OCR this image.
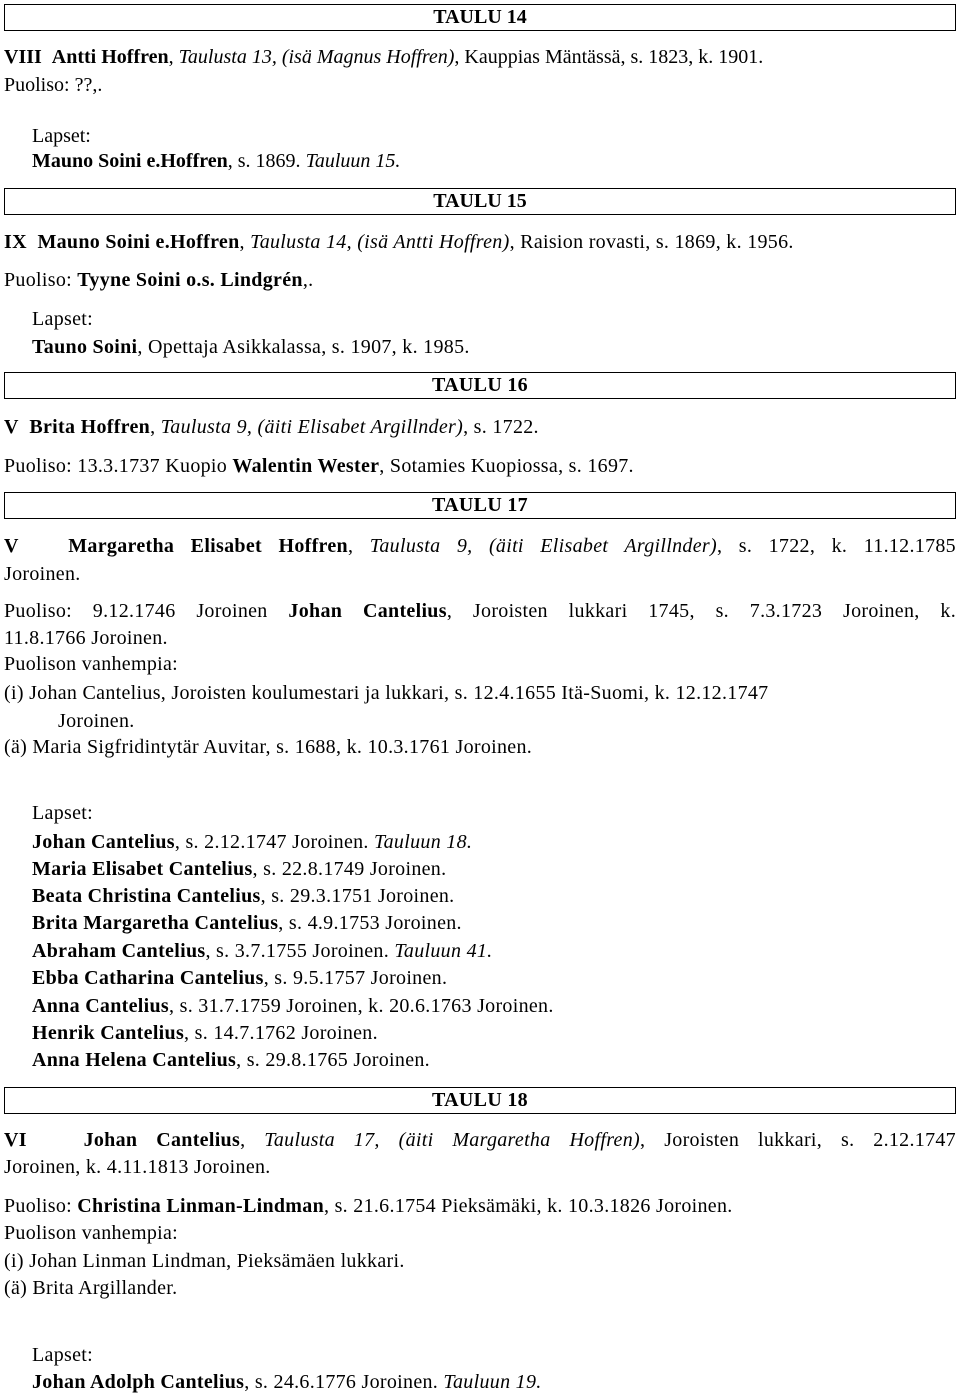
TAULU 14
VIII Antti Hoffren, Taulusta 13, (isä Magnus Hoffren), Kauppias Mäntässä, s. 1823, k. 1901.
Puoliso: ??,.
Lapset:
Mauno Soini e.Hoffren, s. 1869. Tauluun 15.
TAULU 15
IX Mauno Soini e.Hoffren, Taulusta 14, (isä Antti Hoffren), Raision rovasti, s. 1869, k. 1956.
Puoliso: Tyyne Soini o.s. Lindgrén,.
Lapset:
Tauno Soini, Opettaja Asikkalassa, s. 1907, k. 1985.
TAULU 16
V Brita Hoffren, Taulusta 9, (äiti Elisabet Argillnder), s. 1722.
Puoliso: 13.3.1737 Kuopio Walentin Wester, Sotamies Kuopiossa, s. 1697.
TAULU 17
V Margaretha Elisabet Hoffren, Taulusta 9, (äiti Elisabet Argillnder), s. 1722, k. 11.12.1785
Joroinen.
Puoliso: 9.12.1746 Joroinen Johan Cantelius, Joroisten lukkari 1745, s. 7.3.1723 Joroinen, k.
11.8.1766 Joroinen.
Puolison vanhempia:
(i) Johan Cantelius, Joroisten koulumestari ja lukkari, s. 12.4.1655 Itä-Suomi, k. 12.12.1747
Joroinen.
(ä) Maria Sigfridintytär Auvitar, s. 1688, k. 10.3.1761 Joroinen.
Lapset:
Johan Cantelius, s. 2.12.1747 Joroinen. Tauluun 18.
Maria Elisabet Cantelius, s. 22.8.1749 Joroinen.
Beata Christina Cantelius, s. 29.3.1751 Joroinen.
Brita Margaretha Cantelius, s. 4.9.1753 Joroinen.
Abraham Cantelius, s. 3.7.1755 Joroinen. Tauluun 41.
Ebba Catharina Cantelius, s. 9.5.1757 Joroinen.
Anna Cantelius, s. 31.7.1759 Joroinen, k. 20.6.1763 Joroinen.
Henrik Cantelius, s. 14.7.1762 Joroinen.
Anna Helena Cantelius, s. 29.8.1765 Joroinen.
TAULU 18
VI	Johan Cantelius, Taulusta 17, (äiti Margaretha Hoffren), Joroisten lukkari, s. 2.12.1747
Joroinen, k. 4.11.1813 Joroinen.
Puoliso: Christina Linman-Lindman, s. 21.6.1754 Pieksämäki, k. 10.3.1826 Joroinen.
Puolison vanhempia:
(i) Johan Linman Lindman, Pieksämäen lukkari.
(ä) Brita Argillander.
Lapset:
Johan Adolph Cantelius, s. 24.6.1776 Joroinen. Tauluun 19.
